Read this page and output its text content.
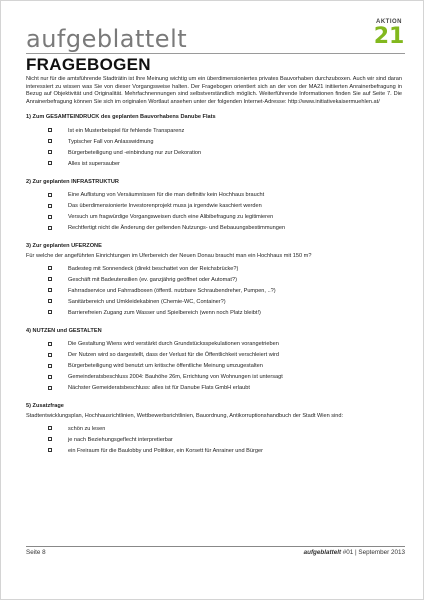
aufgeblattelt
AKTION
21
FRAGEBOGEN

Nicht nur für die amtsführende Stadträtin ist Ihre Meinung wichtig um ein überdimensioniertes privates Bauvorhaben durchzuboxen. Auch wir sind daran interessiert zu wissen was Sie von dieser Vorgangsweise halten. Der Fragebogen orientiert sich an der von der MA21 initiierten Anrainerbefragung in Bezug auf Objektivität und Originalität. Mehrfachnennungen sind selbstverständlich möglich. Weiterführende Informationen finden Sie auf Seite 7. Die Anrainerbefragung können Sie sich im originalen Wortlaut ansehen unter der folgenden Internet-Adresse: http://www.initiativekaisermuehlen.at/

1) Zum GESAMTEINDRUCK des geplanten Bauvorhabens Danube Flats
Ist ein Musterbeispiel für fehlende Transparenz
Typischer Fall von Anlasswidmung
Bürgerbeteiligung und -einbindung nur zur Dekoration
Alles ist supersauber
2) Zur geplanten INFRASTRUKTUR
Eine Auflistung von Versäumnissen für die man definitiv kein Hochhaus braucht
Das überdimensionierte Investorenprojekt muss ja irgendwie kaschiert werden
Versuch um fragwürdige Vorgangsweisen durch eine Alibibefragung zu legitimieren
Rechtfertigt nicht die Änderung der geltenden Nutzungs- und Bebauungsbestimmungen
3) Zur geplanten UFERZONE
Für welche der angeführten Einrichtungen im Uferbereich der Neuen Donau braucht man ein Hochhaus mit 150 m?
Badesteg mit Sonnendeck (direkt beschattet von der Reichsbrücke?)
Geschäft mit Badeutensilien (ev. ganzjährig geöffnet oder Automat?)
Fahrradservice und Fahrradboxen (öffentl. nutzbare Schraubendreher, Pumpen, ..?)
Sanitärbereich und Umkleidekabinen (Chemie-WC, Container?)
Barrierefreien Zugang zum Wasser und Spielbereich (wenn noch Platz bleibt!)
4) NUTZEN und GESTALTEN
Die Gestaltung Wiens wird verstärkt durch Grundstücksspekulationen vorangetrieben
Der Nutzen wird so dargestellt, dass der Verlust für die Öffentlichkeit verschleiert wird
Bürgerbeteiligung wird benutzt um kritische öffentliche Meinung umzugestalten
Gemeinderatsbeschluss 2004: Bauhöhe 26m, Errichtung von Wohnungen ist untersagt
Nächster Gemeideratsbeschluss: alles ist für Danube Flats GmbH erlaubt
5) Zusatzfrage
Stadtentwicklungsplan, Hochhausrichtlinien, Wettbewerbsrichtlinien, Bauordnung, Antikorruptionshandbuch der Stadt Wien sind:
schön zu lesen
je nach Beziehungsgeflecht interpretierbar
ein Freiraum für die Baulobby und Politiker, ein Korsett für Anrainer und Bürger
Seite 8	aufgeblattelt #01 | September 2013
